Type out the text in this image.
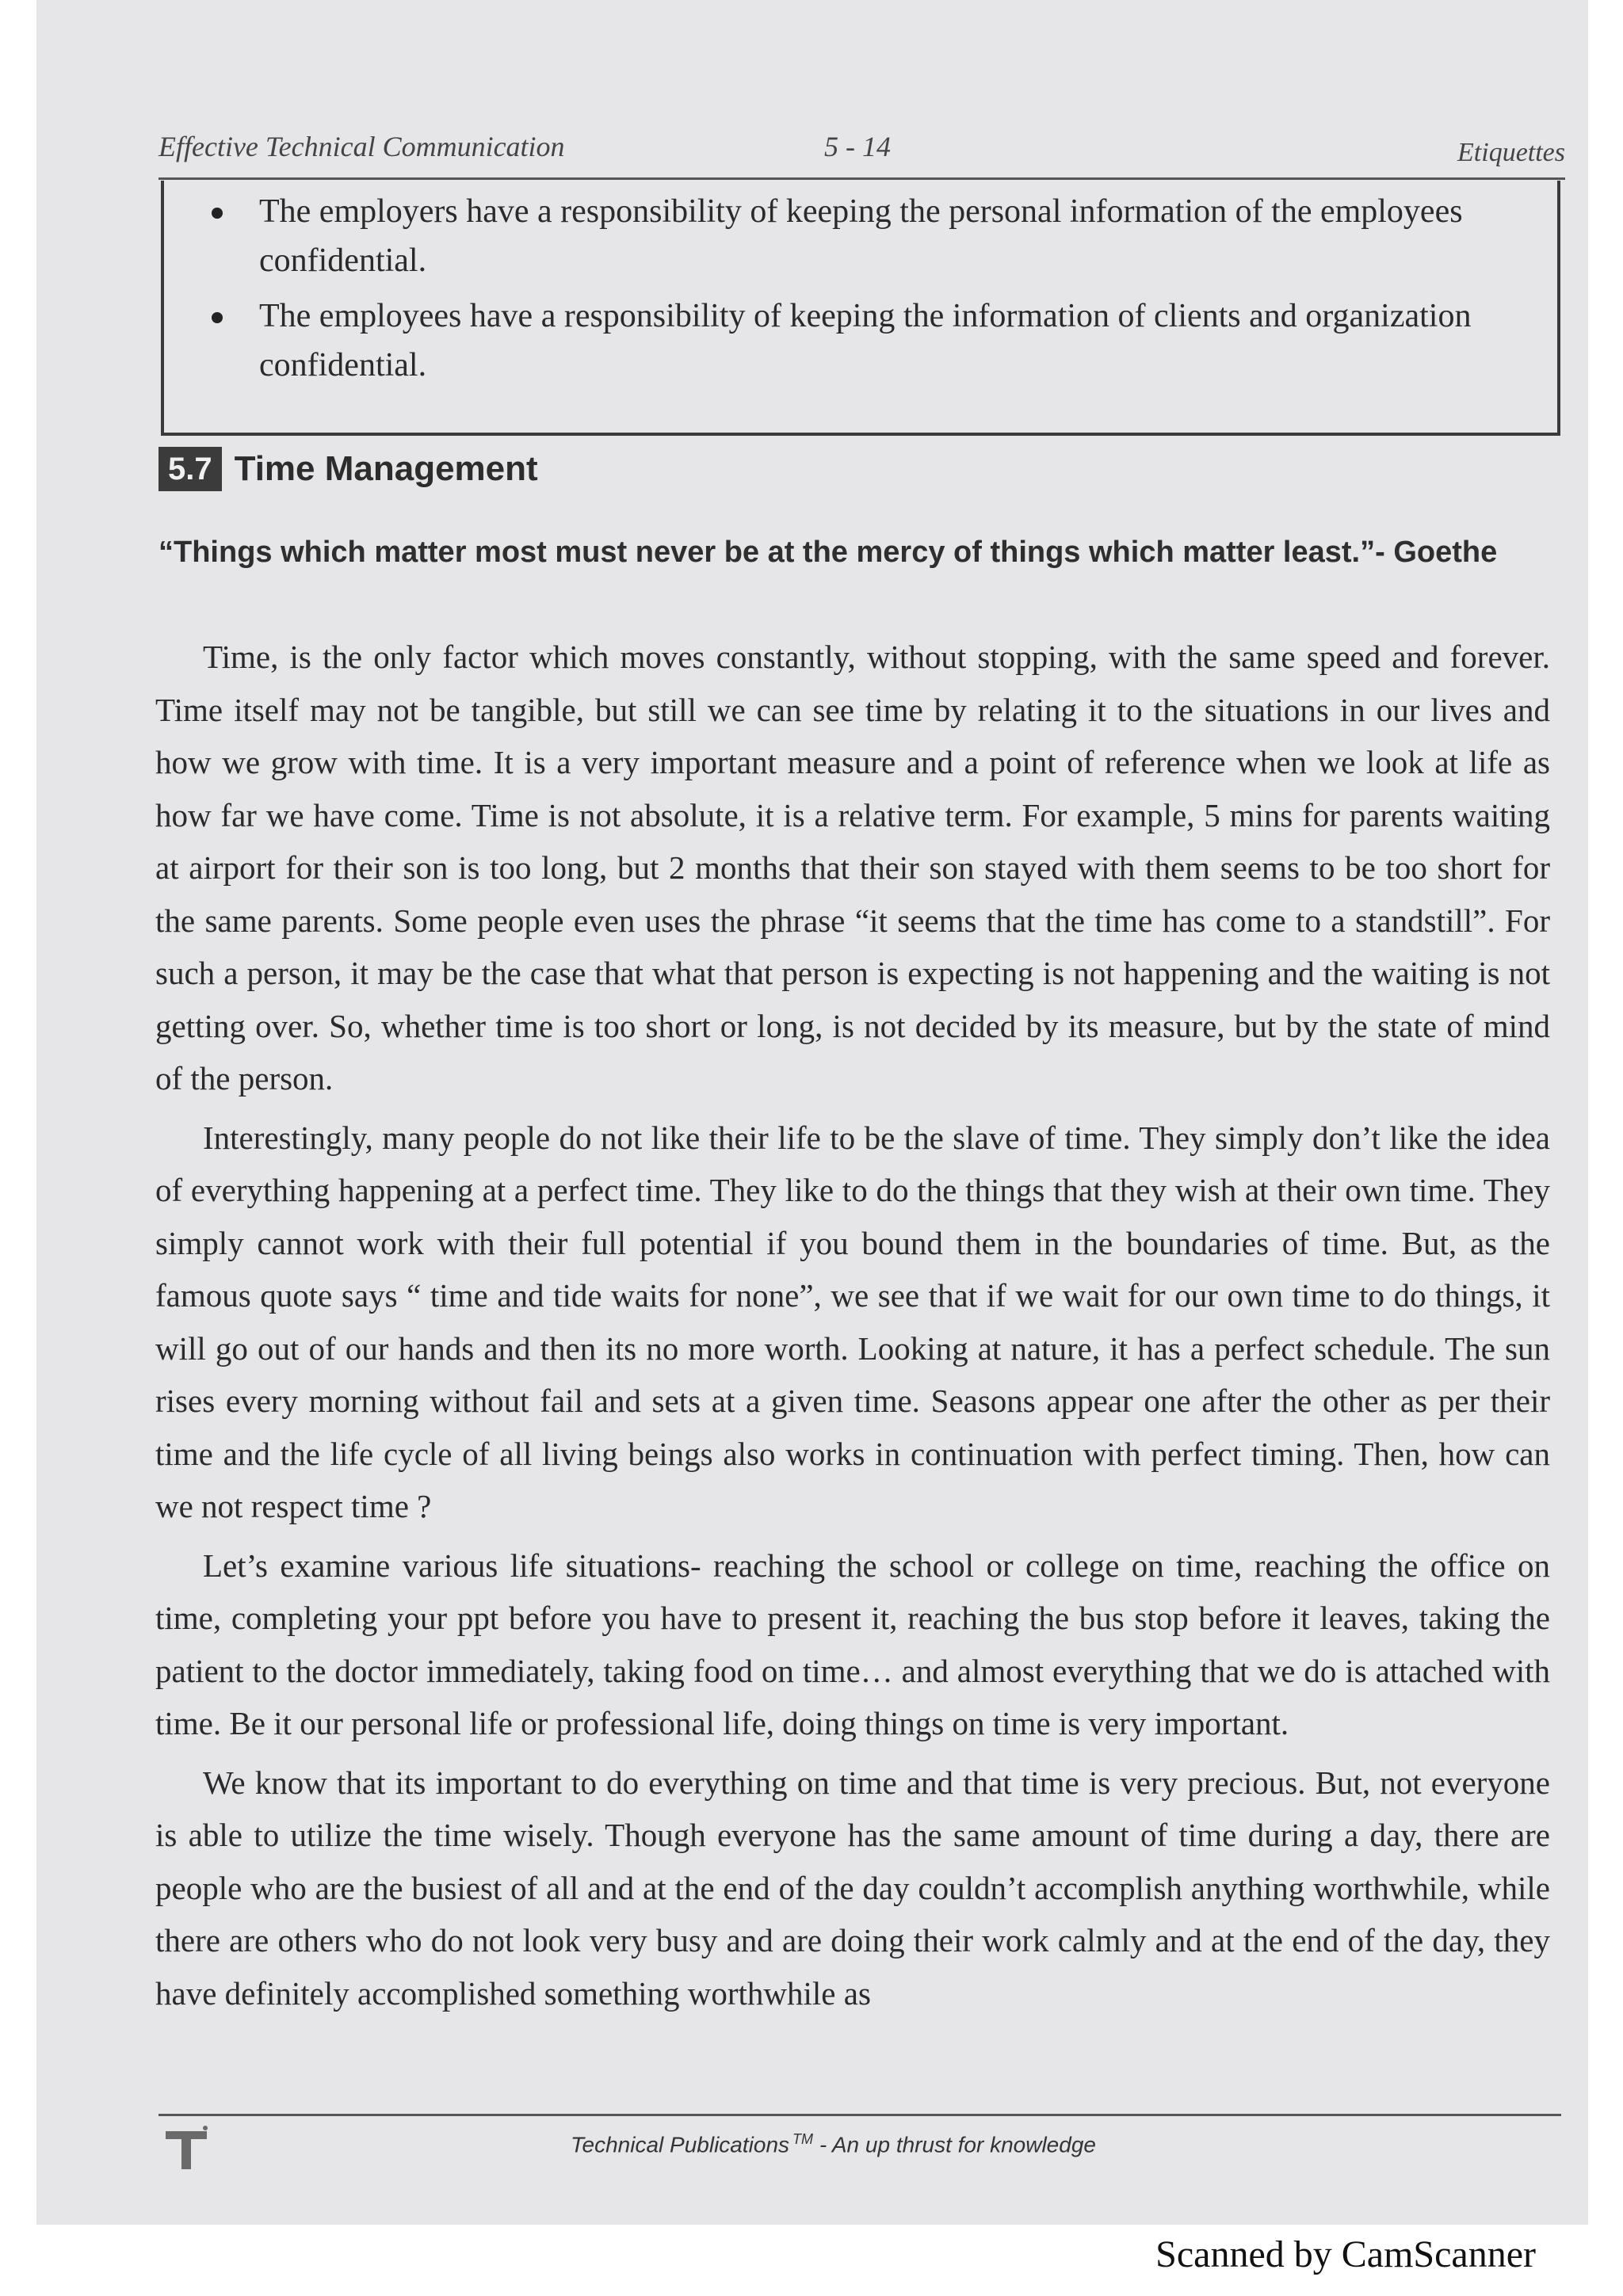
Effective Technical Communication	5 - 14	Etiquettes
The employers have a responsibility of keeping the personal information of the employees confidential.
The employees have a responsibility of keeping the information of clients and organization confidential.
5.7 Time Management
“Things which matter most must never be at the mercy of things which matter least.”- Goethe

Time, is the only factor which moves constantly, without stopping, with the same speed and forever. Time itself may not be tangible, but still we can see time by relating it to the situations in our lives and how we grow with time. It is a very important measure and a point of reference when we look at life as how far we have come. Time is not absolute, it is a relative term. For example, 5 mins for parents waiting at airport for their son is too long, but 2 months that their son stayed with them seems to be too short for the same parents. Some people even uses the phrase “it seems that the time has come to a standstill”. For such a person, it may be the case that what that person is expecting is not happening and the waiting is not getting over. So, whether time is too short or long, is not decided by its measure, but by the state of mind of the person.

Interestingly, many people do not like their life to be the slave of time. They simply don’t like the idea of everything happening at a perfect time. They like to do the things that they wish at their own time. They simply cannot work with their full potential if you bound them in the boundaries of time. But, as the famous quote says “ time and tide waits for none”, we see that if we wait for our own time to do things, it will go out of our hands and then its no more worth. Looking at nature, it has a perfect schedule. The sun rises every morning without fail and sets at a given time. Seasons appear one after the other as per their time and the life cycle of all living beings also works in continuation with perfect timing. Then, how can we not respect time ?

Let’s examine various life situations- reaching the school or college on time, reaching the office on time, completing your ppt before you have to present it, reaching the bus stop before it leaves, taking the patient to the doctor immediately, taking food on time… and almost everything that we do is attached with time. Be it our personal life or professional life, doing things on time is very important.

We know that its important to do everything on time and that time is very precious. But, not everyone is able to utilize the time wisely. Though everyone has the same amount of time during a day, there are people who are the busiest of all and at the end of the day couldn’t accomplish anything worthwhile, while there are others who do not look very busy and are doing their work calmly and at the end of the day, they have definitely accomplished something worthwhile as

Technical Publications ™ - An up thrust for knowledge
Scanned by CamScanner
